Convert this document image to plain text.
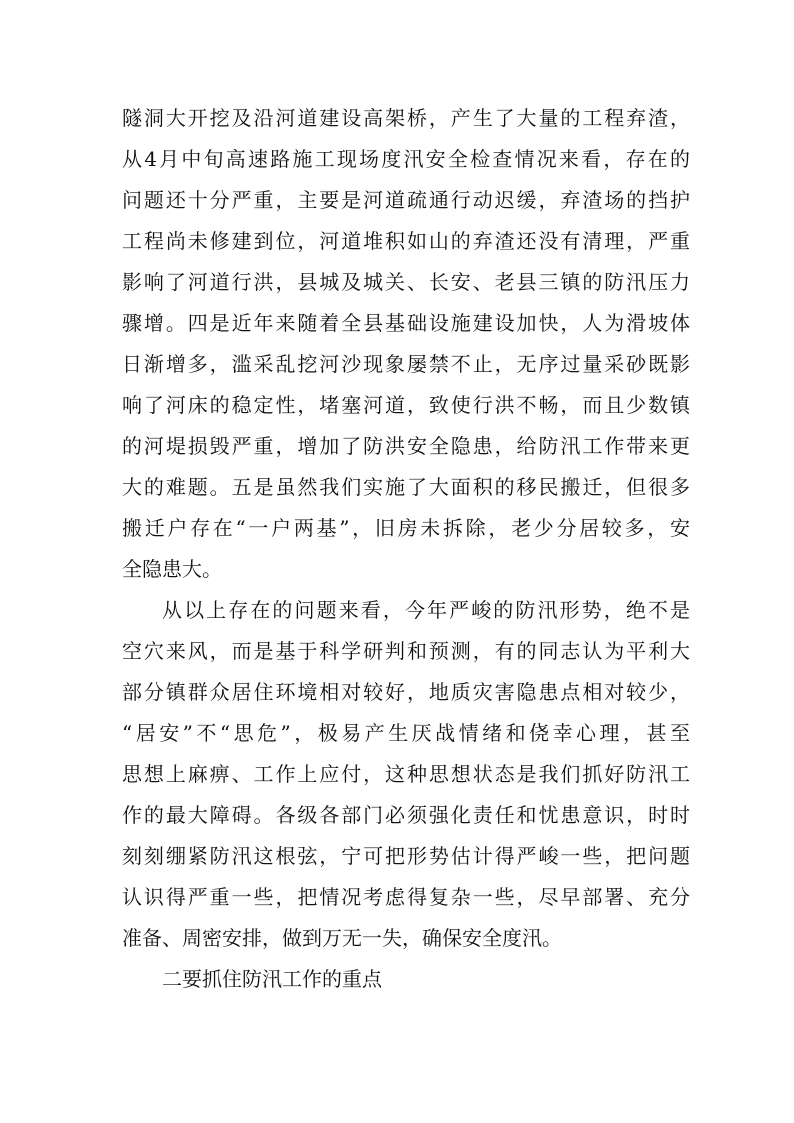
隧洞大开挖及沿河道建设高架桥，产生了大量的工程弃渣，
从4月中旬高速路施工现场度汛安全检查情况来看，存在的
问题还十分严重，主要是河道疏通行动迟缓，弃渣场的挡护
工程尚未修建到位，河道堆积如山的弃渣还没有清理，严重
影响了河道行洪，县城及城关、长安、老县三镇的防汛压力
骤增。四是近年来随着全县基础设施建设加快，人为滑坡体
日渐增多，滥采乱挖河沙现象屡禁不止，无序过量采砂既影
响了河床的稳定性，堵塞河道，致使行洪不畅，而且少数镇
的河堤损毁严重，增加了防洪安全隐患，给防汛工作带来更
大的难题。五是虽然我们实施了大面积的移民搬迁，但很多
搬迁户存在“一户两基”，旧房未拆除，老少分居较多，安
全隐患大。
从以上存在的问题来看，今年严峻的防汛形势，绝不是
空穴来风，而是基于科学研判和预测，有的同志认为平利大
部分镇群众居住环境相对较好，地质灾害隐患点相对较少，
“居安”不“思危”，极易产生厌战情绪和侥幸心理，甚至
思想上麻痹、工作上应付，这种思想状态是我们抓好防汛工
作的最大障碍。各级各部门必须强化责任和忧患意识，时时
刻刻绷紧防汛这根弦，宁可把形势估计得严峻一些，把问题
认识得严重一些，把情况考虑得复杂一些，尽早部署、充分
准备、周密安排，做到万无一失，确保安全度汛。
二要抓住防汛工作的重点
